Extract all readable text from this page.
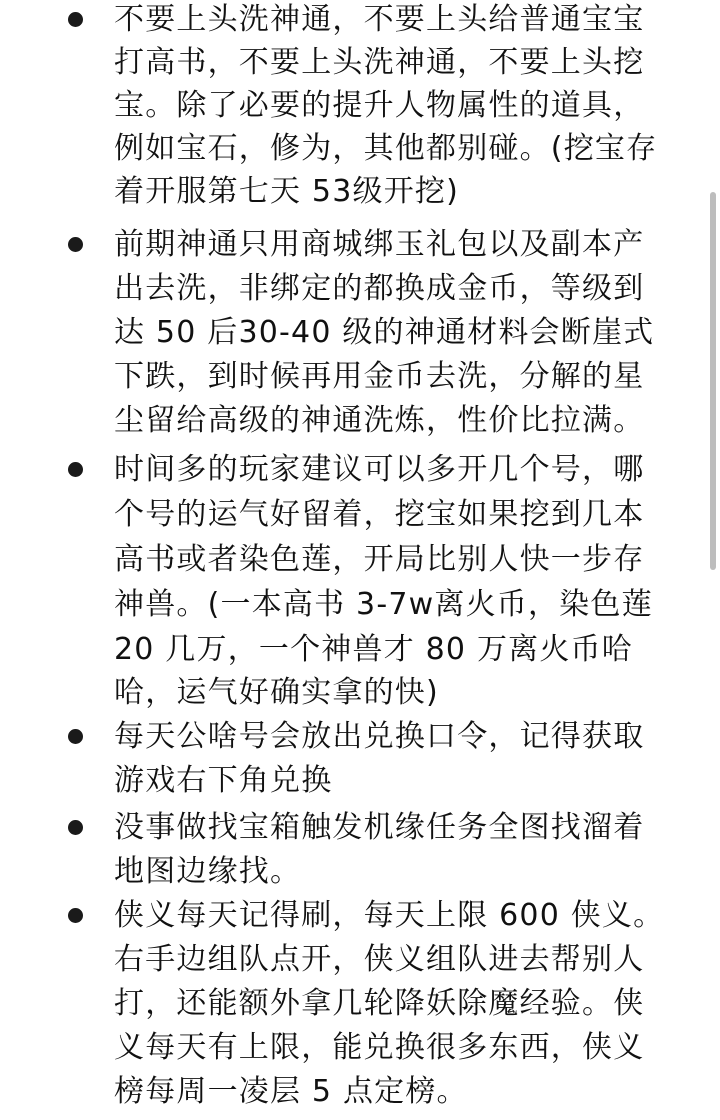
不要上头洗神通，不要上头给普通宝宝
打高书，不要上头洗神通，不要上头挖
宝。除了必要的提升人物属性的道具，
例如宝石，修为，其他都别碰。(挖宝存
着开服第七天 53级开挖)
前期神通只用商城绑玉礼包以及副本产
出去洗，非绑定的都换成金币，等级到
达 50 后30-40 级的神通材料会断崖式
下跌，到时候再用金币去洗，分解的星
尘留给高级的神通洗炼，性价比拉满。
时间多的玩家建议可以多开几个号，哪
个号的运气好留着，挖宝如果挖到几本
高书或者染色莲，开局比别人快一步存
神兽。(一本高书 3-7w离火币，染色莲
20 几万，一个神兽才 80 万离火币哈
哈，运气好确实拿的快)
每天公啥号会放出兑换口令，记得获取
游戏右下角兑换
没事做找宝箱触发机缘任务全图找溜着
地图边缘找。
侠义每天记得刷，每天上限 600 侠义。
右手边组队点开，侠义组队进去帮别人
打，还能额外拿几轮降妖除魔经验。侠
义每天有上限，能兑换很多东西，侠义
榜每周一凌层 5 点定榜。
